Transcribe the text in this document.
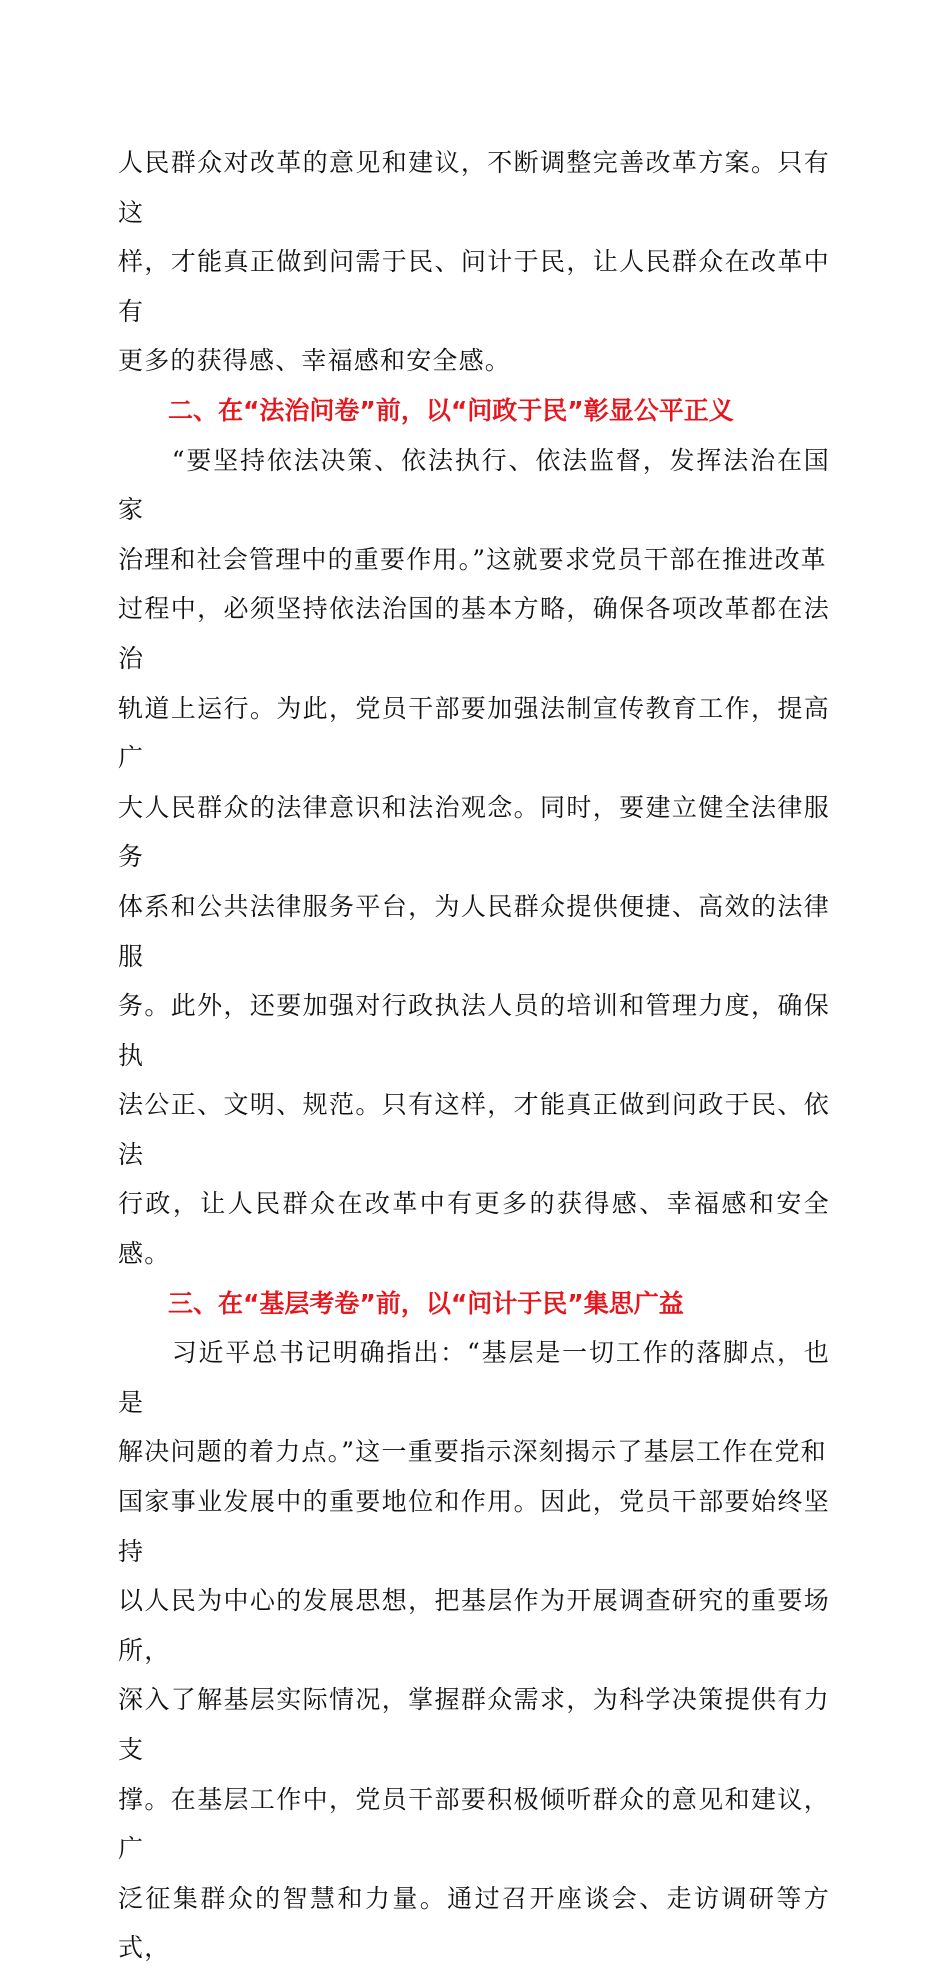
人民群众对改革的意见和建议，不断调整完善改革方案。只有这
样，才能真正做到问需于民、问计于民，让人民群众在改革中有
更多的获得感、幸福感和安全感。

二、在“法治问卷”前，以“问政于民”彰显公平正义

　　“要坚持依法决策、依法执行、依法监督，发挥法治在国家
治理和社会管理中的重要作用。”这就要求党员干部在推进改革
过程中，必须坚持依法治国的基本方略，确保各项改革都在法治
轨道上运行。为此，党员干部要加强法制宣传教育工作，提高广
大人民群众的法律意识和法治观念。同时，要建立健全法律服务
体系和公共法律服务平台，为人民群众提供便捷、高效的法律服
务。此外，还要加强对行政执法人员的培训和管理力度，确保执
法公正、文明、规范。只有这样，才能真正做到问政于民、依法
行政，让人民群众在改革中有更多的获得感、幸福感和安全感。

三、在“基层考卷”前，以“问计于民”集思广益

　　习近平总书记明确指出：“基层是一切工作的落脚点，也是
解决问题的着力点。”这一重要指示深刻揭示了基层工作在党和
国家事业发展中的重要地位和作用。因此，党员干部要始终坚持
以人民为中心的发展思想，把基层作为开展调查研究的重要场所，
深入了解基层实际情况，掌握群众需求，为科学决策提供有力支
撑。在基层工作中，党员干部要积极倾听群众的意见和建议，广
泛征集群众的智慧和力量。通过召开座谈会、走访调研等方式，
